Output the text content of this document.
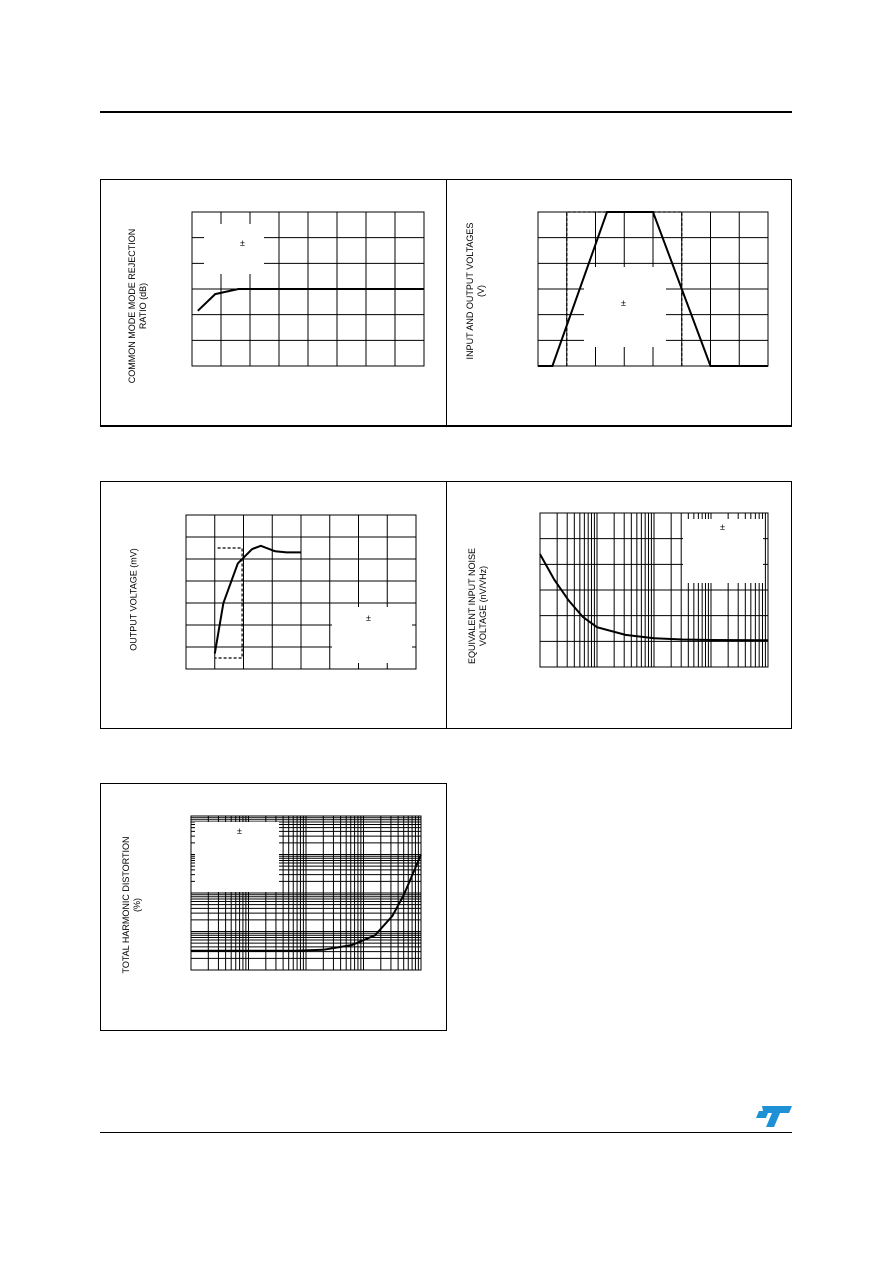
COMMON MODE MODE REJECTION
RATIO (dB)
INPUT AND OUTPUT VOLTAGES
(V)
OUTPUT VOLTAGE (mV)	EQUIVALENT INPUT NOISE
VOLTAGE (nV/VHz)
TOTAL HARMONIC DISTORTION
(%)
±
±
±
±
±
